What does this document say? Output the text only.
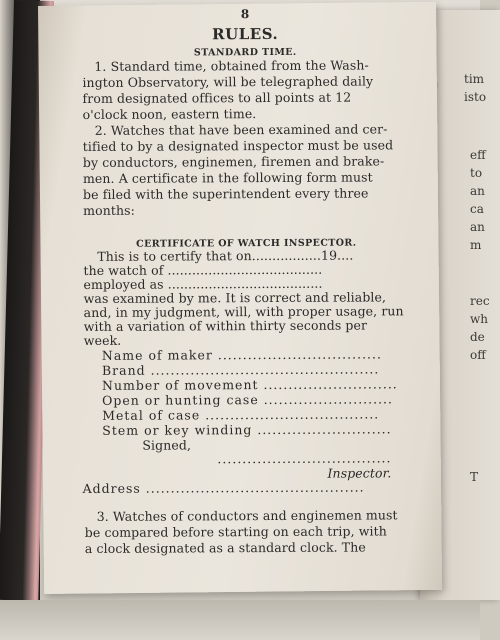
tim
isto
eff
to
an
ca
an
m
rec
wh
de
off
T
8
RULES.
STANDARD TIME.
1. Standard time, obtained from the Wash-
ington Observatory, will be telegraphed daily
from designated offices to all points at 12
o'clock noon, eastern time.
2. Watches that have been examined and cer-
tified to by a designated inspector must be used
by conductors, enginemen, firemen and brake-
men. A certificate in the following form must
be filed with the superintendent every three
months:
CERTIFICATE OF WATCH INSPECTOR.
This is to certify that on.................19....
the watch of ......................................
employed as ......................................
was examined by me. It is correct and reliable,
and, in my judgment, will, with proper usage, run
with a variation of within thirty seconds per
week.
Name of maker .................................
Brand ..............................................
Number of movement ...........................
Open or hunting case ..........................
Metal of case ...................................
Stem or key winding ...........................
Signed,
...................................
Inspector.
Address ............................................
3. Watches of conductors and enginemen must
be compared before starting on each trip, with
a clock designated as a standard clock. The
